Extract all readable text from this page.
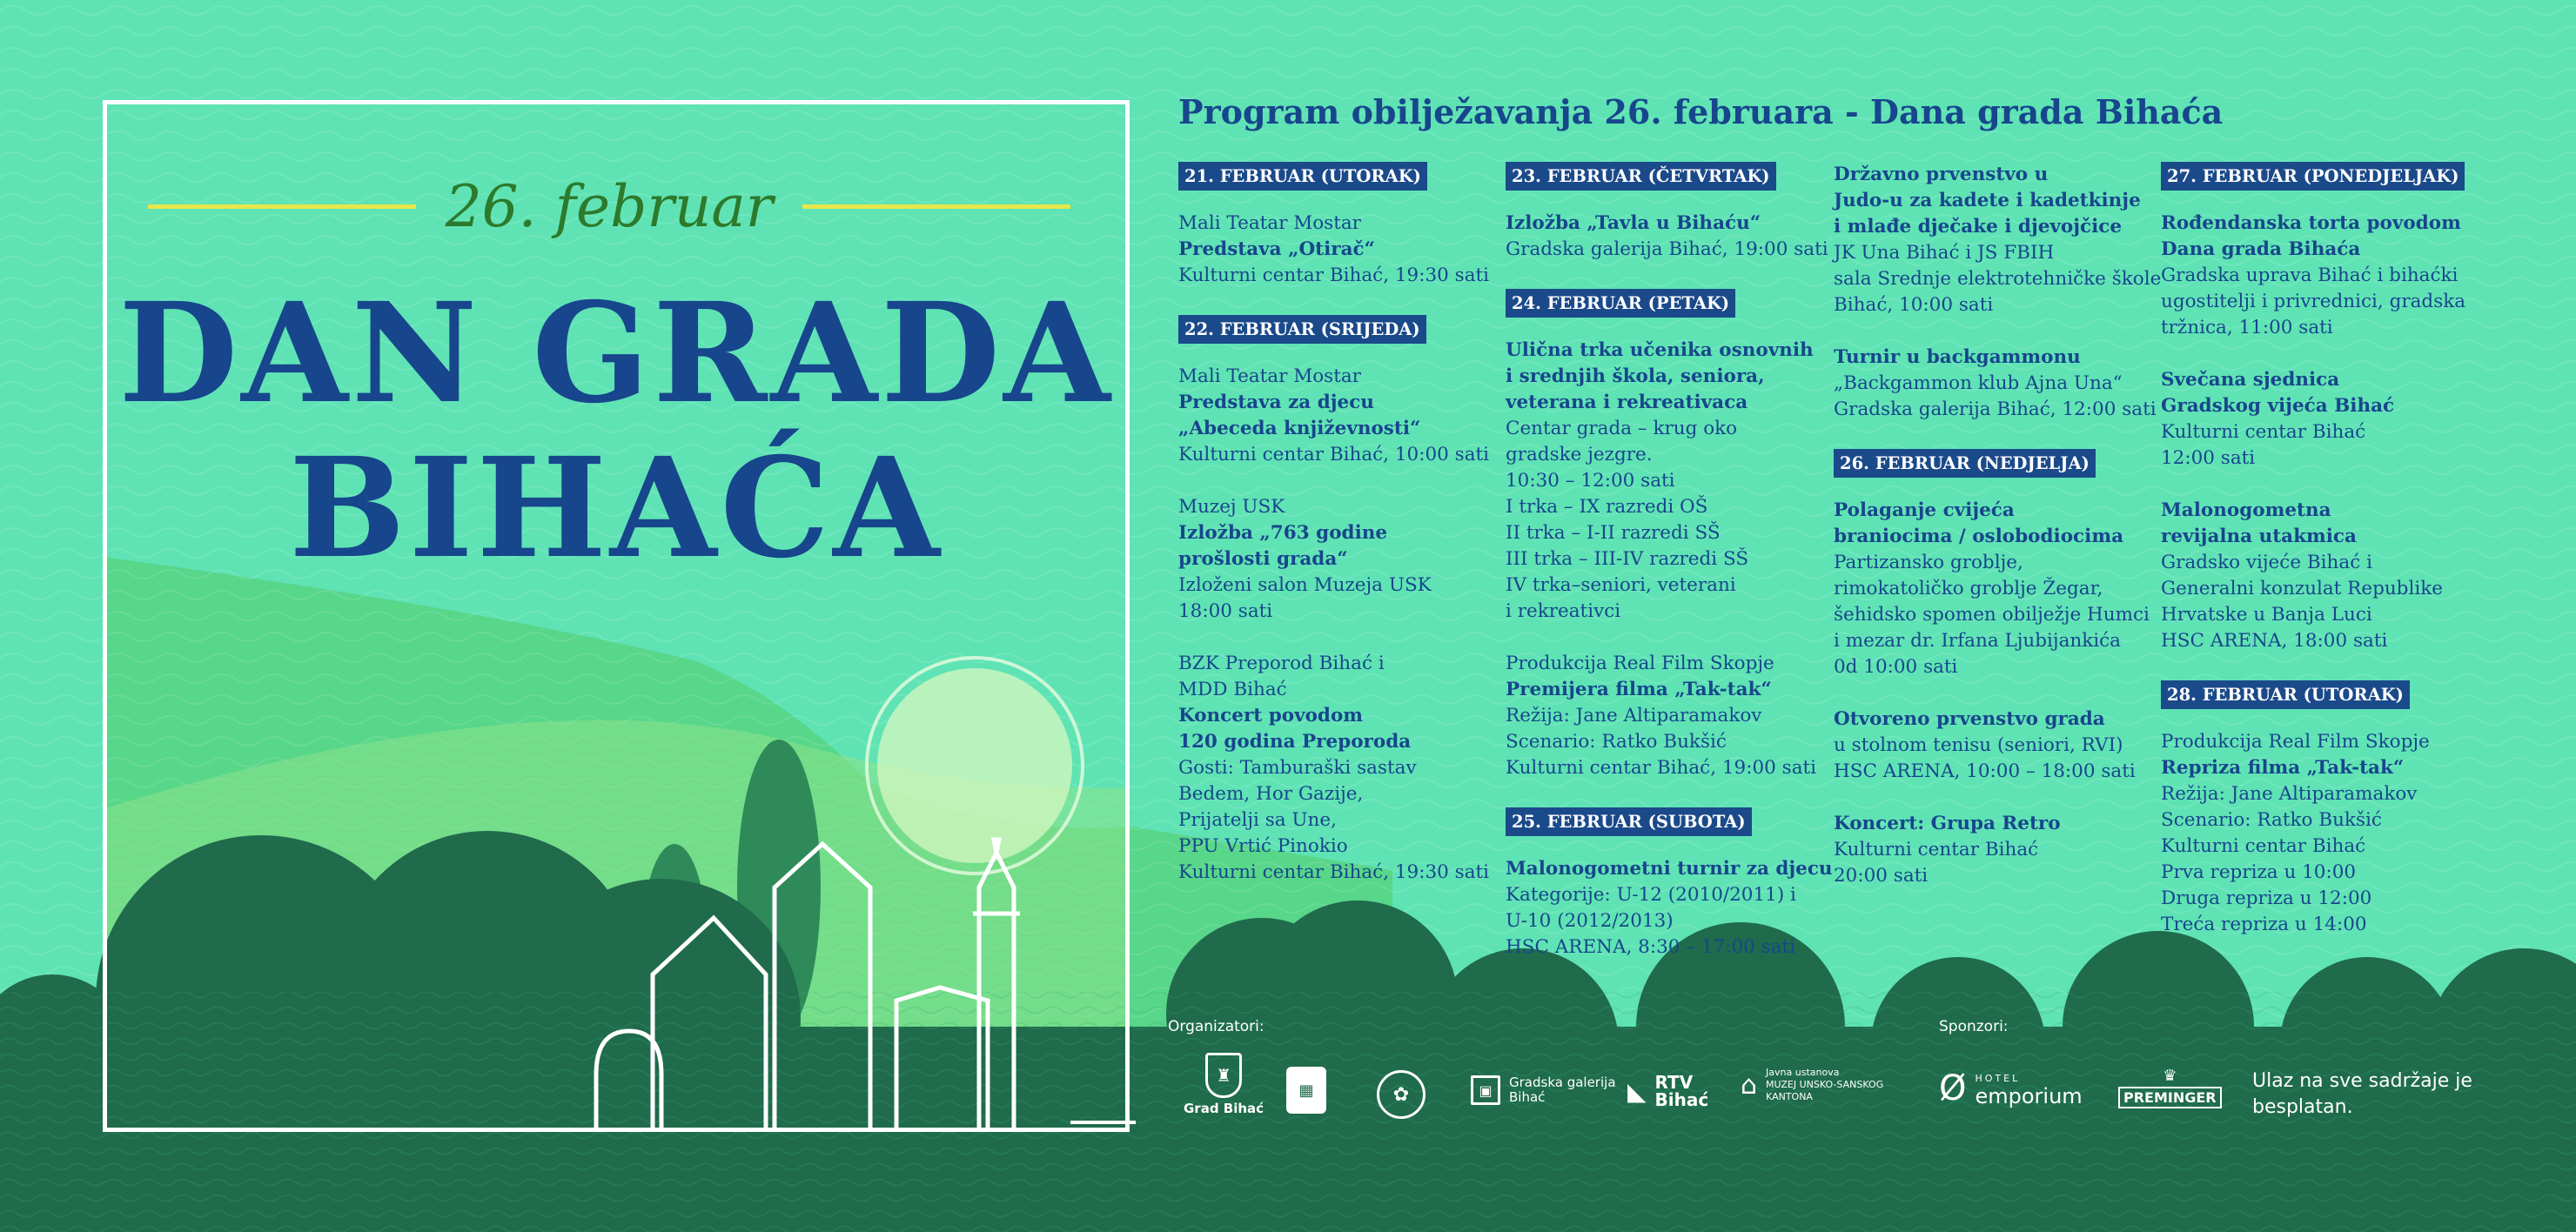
26. februar
DAN GRADA
BIHAĆA
Program obilježavanja 26. februara - Dana grada Bihaća
21. FEBRUAR (UTORAK)
Mali Teatar Mostar
Predstava „Otirač“
Kulturni centar Bihać, 19:30 sati
22. FEBRUAR (SRIJEDA)
Mali Teatar Mostar
Predstava za djecu
„Abeceda književnosti“
Kulturni centar Bihać, 10:00 sati
Muzej USK
Izložba „763 godine
prošlosti grada“
Izloženi salon Muzeja USK
18:00 sati
BZK Preporod Bihać i
MDD Bihać
Koncert povodom
120 godina Preporoda
Gosti: Tamburaški sastav
Bedem, Hor Gazije,
Prijatelji sa Une,
PPU Vrtić Pinokio
Kulturni centar Bihać, 19:30 sati
23. FEBRUAR (ČETVRTAK)
Izložba „Tavla u Bihaću“
Gradska galerija Bihać, 19:00 sati
24. FEBRUAR (PETAK)
Ulična trka učenika osnovnih
i srednjih škola, seniora,
veterana i rekreativaca
Centar grada – krug oko
gradske jezgre.
10:30 – 12:00 sati
I trka – IX razredi OŠ
II trka – I-II razredi SŠ
III trka – III-IV razredi SŠ
IV trka–seniori, veterani
i rekreativci
Produkcija Real Film Skopje
Premijera filma „Tak-tak“
Režija: Jane Altiparamakov
Scenario: Ratko Bukšić
Kulturni centar Bihać, 19:00 sati
25. FEBRUAR (SUBOTA)
Malonogometni turnir za djecu
Kategorije: U-12 (2010/2011) i
U-10 (2012/2013)
HSC ARENA, 8:30 – 17:00 sati
Državno prvenstvo u
Judo-u za kadete i kadetkinje
i mlađe dječake i djevojčice
JK Una Bihać i JS FBIH
sala Srednje elektrotehničke škole
Bihać, 10:00 sati
Turnir u backgammonu
„Backgammon klub Ajna Una“
Gradska galerija Bihać, 12:00 sati
26. FEBRUAR (NEDJELJA)
Polaganje cvijeća
braniocima / oslobodiocima
Partizansko groblje,
rimokatoličko groblje Žegar,
šehidsko spomen obilježje Humci
i mezar dr. Irfana Ljubijankića
0d 10:00 sati
Otvoreno prvenstvo grada
u stolnom tenisu (seniori, RVI)
HSC ARENA, 10:00 – 18:00 sati
Koncert: Grupa Retro
Kulturni centar Bihać
20:00 sati
27. FEBRUAR (PONEDJELJAK)
Rođendanska torta povodom
Dana grada Bihaća
Gradska uprava Bihać i bihaćki
ugostitelji i privrednici, gradska
tržnica, 11:00 sati
Svečana sjednica
Gradskog vijeća Bihać
Kulturni centar Bihać
12:00 sati
Malonogometna
revijalna utakmica
Gradsko vijeće Bihać i
Generalni konzulat Republike
Hrvatske u Banja Luci
HSC ARENA, 18:00 sati
28. FEBRUAR (UTORAK)
Produkcija Real Film Skopje
Repriza filma „Tak-tak“
Režija: Jane Altiparamakov
Scenario: Ratko Bukšić
Kulturni centar Bihać
Prva repriza u 10:00
Druga repriza u 12:00
Treća repriza u 14:00
Organizatori:	Sponzori:
♜
Grad Bihać
▦	✿	▣ Gradska galerija
Bihać	◣ RTV
Bihać ⌂ Javna ustanova
MUZEJ UNSKO-SANSKOG
KANTONA	Ø HOTEL
emporium
♛
PREMINGER
Ulaz na sve sadržaje je besplatan.
